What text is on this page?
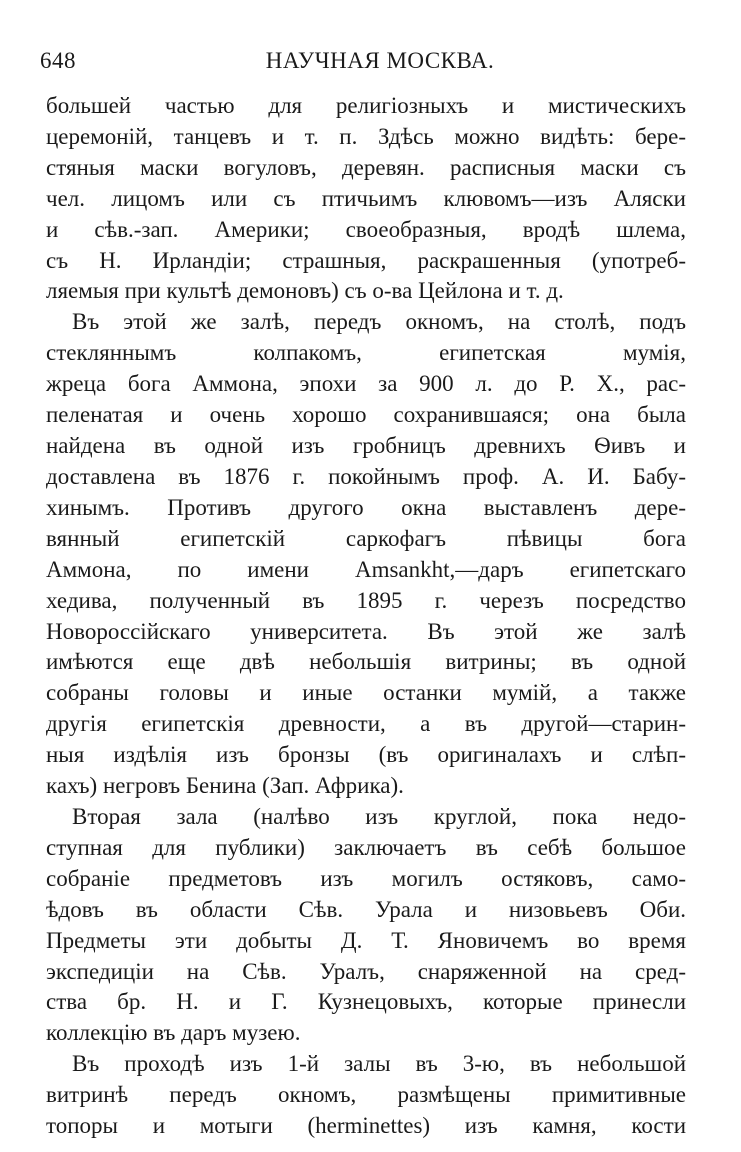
648	НАУЧНАЯ МОСКВА.
большей частью для религiозныхъ и мистическихъ
церемонiй, танцевъ и т. п. Здѣсь можно видѣть: бере-
стяныя маски вогуловъ, деревян. расписныя маски съ
чел. лицомъ или съ птичьимъ клювомъ—изъ Аляски
и сѣв.-зап. Америки; своеобразныя, вродѣ шлема,
съ Н. Ирландiи; страшныя, раскрашенныя (употреб-
ляемыя при культѣ демоновъ) съ о-ва Цейлона и т. д.
Въ этой же залѣ, передъ окномъ, на столѣ, подъ
стекляннымъ колпакомъ, египетская мумiя,
жреца бога Аммона, эпохи за 900 л. до Р. Х., рас-
пеленатая и очень хорошо сохранившаяся; она была
найдена въ одной изъ гробницъ древнихъ Ѳивъ и
доставлена въ 1876 г. покойнымъ проф. А. И. Бабу-
хинымъ. Противъ другого окна выставленъ дере-
вянный египетскiй саркофагъ пѣвицы бога
Аммона, по имени Amsankht,—даръ египетскаго
хедива, полученный въ 1895 г. черезъ посредство
Новороссiйскаго университета. Въ этой же залѣ
имѣются еще двѣ небольшiя витрины; въ одной
собраны головы и иные останки мумiй, а также
другiя египетскiя древности, а въ другой—старин-
ныя издѣлiя изъ бронзы (въ оригиналахъ и слѣп-
кахъ) негровъ Бенина (Зап. Африка).
Вторая зала (налѣво изъ круглой, пока недо-
ступная для публики) заключаетъ въ себѣ большое
собранiе предметовъ изъ могилъ остяковъ, само-
ѣдовъ въ области Сѣв. Урала и низовьевъ Оби.
Предметы эти добыты Д. Т. Яновичемъ во время
экспедицiи на Сѣв. Уралъ, снаряженной на сред-
ства бр. Н. и Г. Кузнецовыхъ, которые принесли
коллекцiю въ даръ музею.
Въ проходѣ изъ 1-й залы въ 3-ю, въ небольшой
витринѣ передъ окномъ, размѣщены примитивные
топоры и мотыги (herminettes) изъ камня, кости
